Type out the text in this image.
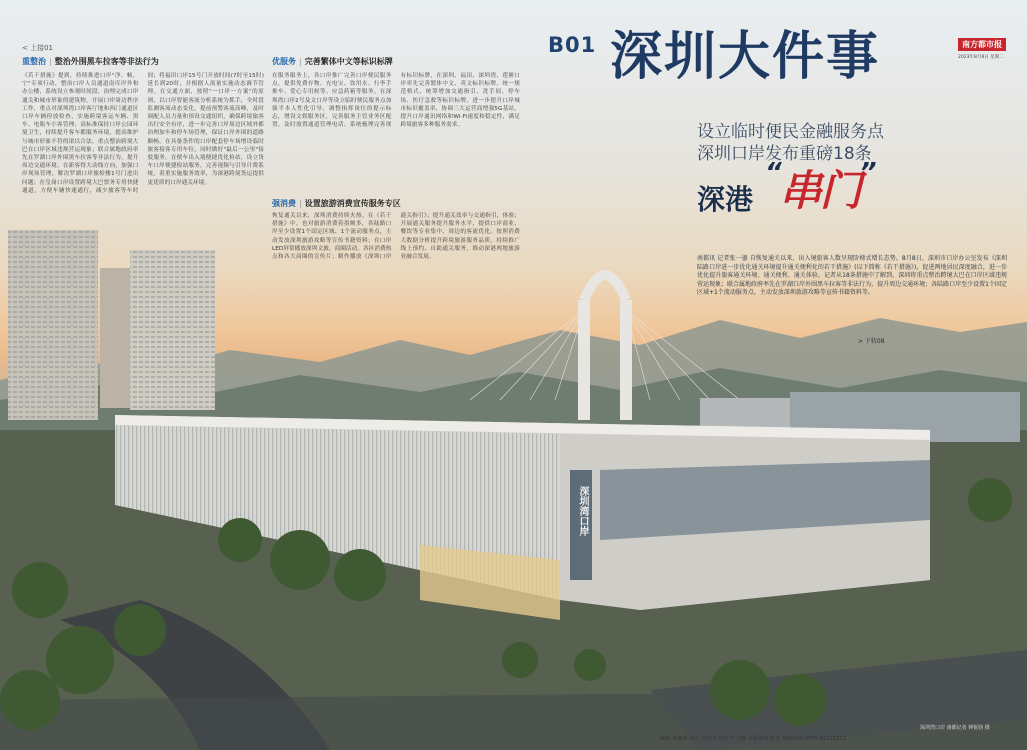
深圳湾口岸
< 上接01
重整治 | 整治外围黑车拉客等非法行为
《若干措施》提到，持续推进口岸"净、畅、宁"专项行动，整治口岸人员通道南库岸外和办公楼，系统设立参观时间段，治理完成口岸通关和城市形象的建筑物。开展口岸周边秩序工作，重点对深圳湾口岸客厅地和西门通道区口岸车辆停放检查，实施跨境客运车辆、黑车、电瓶车小客管理；高标准保持口岸公园环境卫生，持续提升客车都服务环境，提高维护与城市形象不符的诸以合法，重点整治跨境大巴在口岸区域违规营运现象；联合属地政府率先在罗湖口岸外围黑车拉客等非法行为，提升周边交通环境。在新客得大动线方向，加强口岸现场管理，解决罗湖口岸旅检楼1号门进出问题；在皇岗口岸设置跨境大巴票务专用快捷通道，方便车辆快速通行，减少旅客等车时间；将福田口岸15号门开放时间(7时至15时)延长到20时，并根据人流量实施动态调节管理。在交通方面，按照"一口岸一方案"的原则，以口岸智能客流分析系统为抓手，全时段监测客流动态变化，提前预警客流高峰，及时调配人员力量和预设交通组织，确保跨境旅客出行安全有序，进一步完善口岸周边区域外都治理加车和停车场管理，保证口岸外围的道路顺畅，在具备条件的口岸配套停车场增设临时旅客接客专用车位，同时做好"最后一公里"接驳服务。在便车出入境便捷优化检站，设立货车口岸便捷检站服务，完善视频与引导计费系统，着重实施服务效率，为深港跨境货运提供更优质的口岸通关环境。
优服务 | 完善繁体中文等标识标牌
在服务服务上，各口岸推广完善口岸便民服务点，提供免费存物、充电宝、饮用水、行李手推车、爱心专用候等、应急药箱等服务。在深圳湾口岸2号及文口岸等设立临时便民服务点加强半本人性化引导，调整指挥岗位的提示标志，增设文娱服务区，完善服务主管业务区配置，及时放置通道管理电话。系统梳理完善现有标识标牌，在深圳、福田、深圳湾、莲塘口岸率先完善繁体中文、英文标识标牌，统一规范格式，统筹增加交通指引、洗手间、停车场、医疗急救等标识标牌，进一步提升口岸城市标识覆盖率，协调三大运营商增强5G基站，提升口岸通讯网络和Wi-Fi速度和稳定性，满足跨境旅客多种服务需求。
强消费 | 设置旅游消费宣传服务专区
恢复通关以来，深圳消费持续火热。在《若干措施》中，也对旅游消费着墨颇多，各陆路口岸至少设置1个固定区域、1个流动服务点，主动发放深圳旅游攻略等宣传书籍资料；在口岸LED屏常播放深圳文旅、商圈活动、各区消费热点和各大商圈的宣传片；制作播放《深圳口岸通关指引》；提升通关效率与交通指引，体验；开展通关服务提升服务水平，提供口岸商业、餐饮等专业集中、周边的客流优化。按照消费大数据分析提升跨境旅游服务品质，持续推广线上预约、自助通关服务，推动深港两地旅游业融合发展。
B01 深圳大件事	南方都市报
2023年8月8日 星期二
设立临时便民金融服务点
深圳口岸发布重磅18条
深港
“串门”
南都讯 记者张一鎏 自恢复通关以来，出入境旅客人数呈现阶梯式增长态势。8月8日，深圳市口岸办公室发布《深圳陆路口岸进一步优化通关环境提升通关便利化的若干措施》(以下简称《若干措施》)，促进两地居民深度融合，进一步优化提升旅客通关环境、通关便利、通关体验。记者从18条措施中了解到，深圳将重点整治跨境大巴在口岸区域违规营运现象；联合属地政府率先在罗湖口岸外围黑车拉客等非法行为，提升周边交通环境；各陆路口岸至少设置1个固定区域+1个流动服务点，主动发放深圳旅游攻略等宣传书籍资料等。
> 下转08
深圳湾口岸 南都记者 钟锐钧 摄
编辑 刘鑫洲 设计 邹松青 校对 严文静 本版统筹 陈奇 报料热线 0755-82121212
